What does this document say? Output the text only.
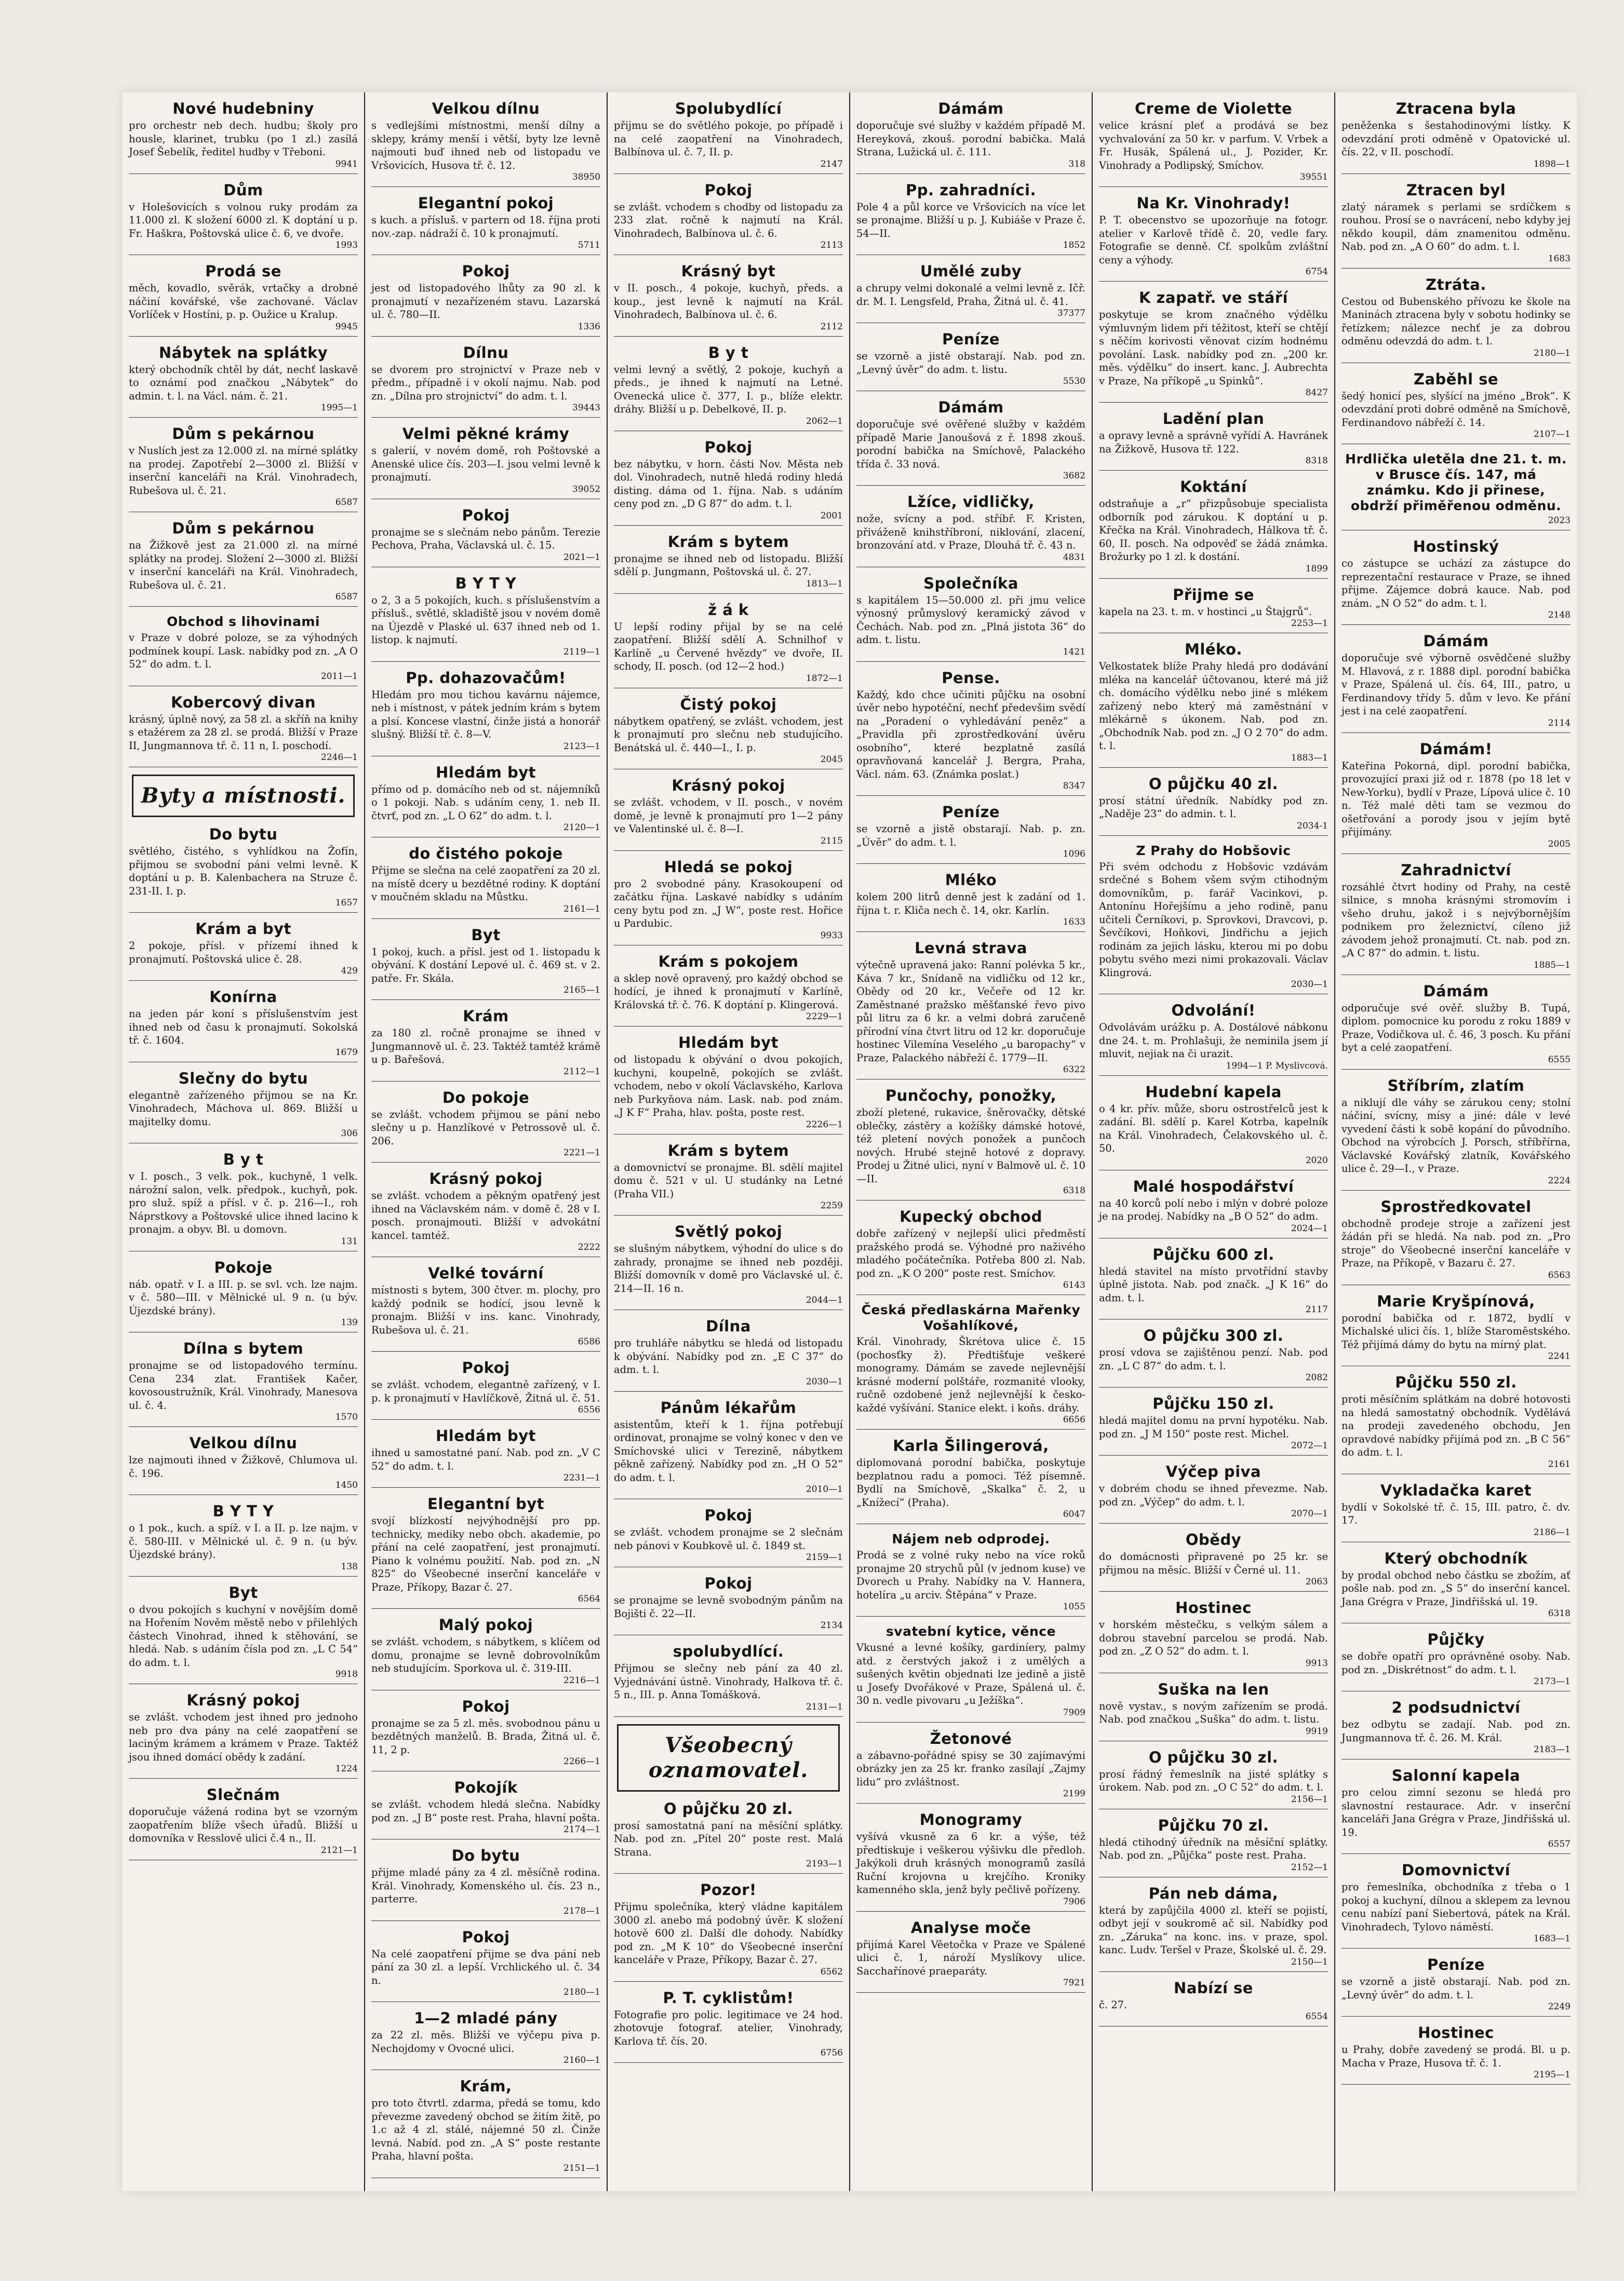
Nové hudebniny

pro orchestr neb dech. hudbu; školy pro housle, klarinet, trubku (po 1 zl.) zasílá Josef Šebelík, ředitel hudby v Třeboni.

9941
Dům

v Holešovicích s volnou ruky prodám za 11.000 zl. K složení 6000 zl. K doptání u p. Fr. Haškra, Poštovská ulice č. 6, ve dvoře.

1993
Prodá se

měch, kovadlo, svěrák, vrtačky a drobné náčiní kovářské, vše zachované. Václav Vorlíček v Hostíni, p. p. Oužice u Kralup.

9945
Nábytek na splátky

který obchodník chtěl by dát, nechť laskavě to oznámí pod značkou „Nábytek“ do admin. t. l. na Václ. nám. č. 21.

1995—1
Dům s pekárnou

v Nuslích jest za 12.000 zl. na mírné splátky na prodej. Zapotřebí 2—3000 zl. Bližší v inserční kanceláři na Král. Vinohradech, Rubešova ul. č. 21.

6587
Dům s pekárnou

na Žižkově jest za 21.000 zl. na mírné splátky na prodej. Složení 2—3000 zl. Bližší v inserční kanceláři na Král. Vinohradech, Rubešova ul. č. 21.

6587
Obchod s lihovinami

v Praze v dobré poloze, se za výhodných podmínek koupí. Lask. nabídky pod zn. „A O 52“ do adm. t. l.

2011—1
Kobercový divan

krásný, úplně nový, za 58 zl. a skříň na knihy s etažérem za 28 zl. se prodá. Bližší v Praze II, Jungmannova tř. č. 11 n, I. poschodí.

2246—1
Byty a místnosti.
Do bytu

světlého, čistého, s vyhlídkou na Žofín, přijmou se svobodní páni velmi levně. K doptání u p. B. Kalenbachera na Struze č. 231-II. I. p.

1657
Krám a byt

2 pokoje, přísl. v přízemí ihned k pronajmutí. Poštovská ulice č. 28.

429
Konírna

na jeden pár koní s příslušenstvím jest ihned neb od času k pronajmutí. Sokolská tř. č. 1604.

1679
Slečny do bytu

elegantně zařízeného přijmou se na Kr. Vinohradech, Máchova ul. 869. Bližší u majitelky domu.

306
B y t

v I. posch., 3 velk. pok., kuchyně, 1 velk. nárožní salon, velk. předpok., kuchyň, pok. pro služ. spíž a přísl. v č. p. 216—I., roh Náprstkovy a Poštovské ulice ihned lacino k pronajm. a obyv. Bl. u domovn.

131
Pokoje

náb. opatř. v I. a III. p. se svl. vch. lze najm. v č. 580—III. v Mělnické ul. 9 n. (u býv. Újezdské brány).

139
Dílna s bytem

pronajme se od listopadového termínu. Cena 234 zlat. František Kačer, kovosoustružník, Král. Vinohrady, Manesova ul. č. 4.

1570
Velkou dílnu

lze najmouti ihned v Žižkově, Chlumova ul. č. 196.

1450
B Y T Y

o 1 pok., kuch. a spíž. v I. a II. p. lze najm. v č. 580-III. v Mělnické ul. č. 9 n. (u býv. Újezdské brány).

138
Byt

o dvou pokojích s kuchyní v novějším domě na Hořením Nověm městě nebo v přilehlých částech Vinohrad, ihned k stěhování, se hledá. Nab. s udáním čísla pod zn. „L C 54“ do adm. t. l.

9918
Krásný pokoj

se zvlášt. vchodem jest ihned pro jednoho neb pro dva pány na celé zaopatření se laciným krámem a krámem v Praze. Taktéž jsou ihned domácí obědy k zadání.

1224
Slečnám

doporučuje vážená rodina byt se vzorným zaopatřením blíže všech úřadů. Bližší u domovníka v Resslově ulici č.4 n., II.

2121—1
Velkou dílnu

s vedlejšími místnostmi, menší dílny a sklepy, krámy menší i větší, byty lze levně najmouti buď ihned neb od listopadu ve Vršovicích, Husova tř. č. 12.

38950
Elegantní pokoj

s kuch. a přísluš. v partern od 18. října proti nov.-zap. nádraží č. 10 k pronajmutí.

5711
Pokoj

jest od listopadového lhůty za 90 zl. k pronajmutí v nezařízeném stavu. Lazarská ul. č. 780—II.

1336
Dílnu

se dvorem pro strojnictví v Praze neb v předm., případně i v okolí najmu. Nab. pod zn. „Dílna pro strojnictví“ do adm. t. l.

39443
Velmi pěkné krámy

s galerií, v novém domě, roh Poštovské a Anenské ulice čís. 203—I. jsou velmi levně k pronajmutí.

39052
Pokoj

pronajme se s slečnám nebo pánům. Terezie Pechova, Praha, Václavská ul. č. 15.

2021—1
B Y T Y

o 2, 3 a 5 pokojích, kuch. s příslušenstvím a přísluš., světlé, skladiště jsou v novém domě na Újezdě v Plaské ul. 637 ihned neb od 1. listop. k najmutí.

2119—1
Pp. dohazovačům!

Hledám pro mou tichou kavárnu nájemce, neb i místnost, v pátek jedním krám s bytem a plsí. Koncese vlastní, činže jistá a honorář slušný. Bližší tř. č. 8—V.

2123—1
Hledám byt

přímo od p. domácího neb od st. nájemníků o 1 pokoji. Nab. s udáním ceny, 1. neb II. čtvrť, pod zn. „L O 62“ do adm. t. l.

2120—1
do čistého pokoje

Přijme se slečna na celé zaopatření za 20 zl. na místě dcery u bezdětné rodiny. K doptání v moučném skladu na Můstku.

2161—1
Byt

1 pokoj, kuch. a přísl. jest od 1. listopadu k obývání. K dostání Lepové ul. č. 469 st. v 2. patře. Fr. Skála.

2165—1
Krám

za 180 zl. ročně pronajme se ihned v Jungmannově ul. č. 23. Taktéž tamtéž krámě u p. Bařešová.

2112—1
Do pokoje

se zvlášt. vchodem přijmou se pání nebo slečny u p. Hanzlíkové v Petrossově ul. č. 206.

2221—1
Krásný pokoj

se zvlášt. vchodem a pěkným opatřený jest ihned na Václavském nám. v domě č. 28 v I. posch. pronajmouti. Bližší v advokátní kancel. tamtéž.

2222
Velké tovární

místnosti s bytem, 300 čtver. m. plochy, pro každý podnik se hodící, jsou levně k pronajm. Bližší v ins. kanc. Vinohrady, Rubešova ul. č. 21.

6586
Pokoj

se zvlášt. vchodem, elegantně zařízený, v I. p. k pronajmutí v Havlíčkově, Žitná ul. č. 51.

6556
Hledám byt

ihned u samostatné paní. Nab. pod zn. „V C 52“ do adm. t. l.

2231—1
Elegantní byt

svojí blízkostí nejvýhodnější pro pp. technicky, mediky nebo obch. akademie, po přání na celé zaopatření, jest pronajmutí. Piano k volnému použití. Nab. pod zn. „N 825“ do Všeobecné inserční kanceláře v Praze, Příkopy, Bazar č. 27.

6564
Malý pokoj

se zvlášt. vchodem, s nábytkem, s klíčem od domu, pronajme se levně dobrovolníkům neb studujícím. Sporkova ul. č. 319-III.

2216—1
Pokoj

pronajme se za 5 zl. měs. svobodnou pánu u bezdětných manželů. B. Brada, Žitná ul. č. 11, 2 p.

2266—1
Pokojík

se zvlášt. vchodem hledá slečna. Nabídky pod zn. „J B“ poste rest. Praha, hlavní pošta.

2174—1
Do bytu

přijme mladé pány za 4 zl. měsíčně rodina. Král. Vinohrady, Komenského ul. čís. 23 n., parterre.

2178—1
Pokoj

Na celé zaopatření přijme se dva pání neb pání za 30 zl. a lepší. Vrchlického ul. č. 34 n.

2180—1
1—2 mladé pány

za 22 zl. měs. Bližší ve výčepu piva p. Nechojdomy v Ovocné ulici.

2160—1
Krám,

pro toto čtvrtl. zdarma, předá se tomu, kdo převezme zavedený obchod se žitím žitě, po 1.c až 4 zl. stálé, nájemné 50 zl. Činže levná. Nabíd. pod zn. „A S“ poste restante Praha, hlavní pošta.

2151—1
Spolubydlící

přijmu se do světlého pokoje, po případě i na celé zaopatření na Vinohradech, Balbínova ul. č. 7, II. p.

2147
Pokoj

se zvlášt. vchodem s chodby od listopadu za 233 zlat. ročně k najmutí na Král. Vinohradech, Balbínova ul. č. 6.

2113
Krásný byt

v II. posch., 4 pokoje, kuchyň, předs. a koup., jest levně k najmutí na Král. Vinohradech, Balbínova ul. č. 6.

2112
B y t

velmi levný a světlý, 2 pokoje, kuchyň a předs., je ihned k najmutí na Letné. Ovenecká ulice č. 377, I. p., blíže elektr. dráhy. Bližší u p. Debelkové, II. p.

2062—1
Pokoj

bez nábytku, v horn. části Nov. Města neb dol. Vinohradech, nutně hledá rodiny hledá disting. dáma od 1. října. Nab. s udáním ceny pod zn. „D G 87“ do adm. t. l.

2001
Krám s bytem

pronajme se ihned neb od listopadu. Bližší sdělí p. Jungmann, Poštovská ul. č. 27.

1813—1
ž á k

U lepší rodiny přijal by se na celé zaopatření. Bližší sdělí A. Schnilhof v Karlíně „u Červené hvězdy“ ve dvoře, II. schody, II. posch. (od 12—2 hod.)

1872—1
Čistý pokoj

nábytkem opatřený, se zvlášt. vchodem, jest k pronajmutí pro slečnu neb studujícího. Benátská ul. č. 440—I., I. p.

2045
Krásný pokoj

se zvlášt. vchodem, v II. posch., v novém domě, je levně k pronajmutí pro 1—2 pány ve Valentinské ul. č. 8—I.

2115
Hledá se pokoj

pro 2 svobodné pány. Krasokoupení od začátku října. Laskavé nabídky s udáním ceny bytu pod zn. „J W“, poste rest. Hořice u Pardubic.

9933
Krám s pokojem

a sklep nově opravený, pro každý obchod se hodící, je ihned k pronajmutí v Karlíně, Královská tř. č. 76. K doptání p. Klingerová.

2229—1
Hledám byt

od listopadu k obývání o dvou pokojích, kuchyni, koupelně, pokojích se zvlášt. vchodem, nebo v okolí Václavského, Karlova neb Purkyňova nám. Lask. nab. pod znám. „J K F“ Praha, hlav. pošta, poste rest.

2226—1
Krám s bytem

a domovnictví se pronajme. Bl. sdělí majitel domu č. 521 v ul. U studánky na Letné (Praha VII.)

2259
Světlý pokoj

se slušným nábytkem, výhodní do ulice s do zahrady, pronajme se ihned neb později. Bližší domovník v domě pro Václavské ul. č. 214—II. 16 n.

2044—1
Dílna

pro truhláře nábytku se hledá od listopadu k obývání. Nabídky pod zn. „E C 37“ do adm. t. l.

2030—1
Pánům lékařům

asistentům, kteří k 1. října potřebují ordinovat, pronajme se volný konec v den ve Smíchovské ulici v Terezině, nábytkem pěkně zařízený. Nabídky pod zn. „H O 52“ do adm. t. l.

2010—1
Pokoj

se zvlášt. vchodem pronajme se 2 slečnám neb pánovi v Koubkově ul. č. 1849 st.

2159—1
Pokoj

se pronajme se levně svobodným pánům na Bojišti č. 22—II.

2134
spolubydlící.

Přijmou se slečny neb pání za 40 zl. Vyjednávání ústně. Vinohrady, Halkova tř. č. 5 n., III. p. Anna Tomášková.

2131—1
Všeobecný oznamovatel.
O půjčku 20 zl.

prosí samostatná paní na měsíční splátky. Nab. pod zn. „Pítel 20“ poste rest. Malá Strana.

2193—1
Pozor!

Přijmu společníka, který vládne kapitálem 3000 zl. anebo má podobný úvěr. K složení hotově 600 zl. Další dle dohody. Nabídky pod zn. „M K 10“ do Všeobecné inserční kanceláře v Praze, Příkopy, Bazar č. 27.

6562
P. T. cyklistům!

Fotografie pro polic. legitimace ve 24 hod. zhotovuje fotograf. atelier, Vinohrady, Karlova tř. čís. 20.

6756
Dámám

doporučuje své služby v každém případě M. Hereyková, zkouš. porodní babička. Malá Strana, Lužická ul. č. 111.

318
Pp. zahradníci.

Pole 4 a půl korce ve Vršovicích na více let se pronajme. Bližší u p. J. Kubiáše v Praze č. 54—II.

1852
Umělé zuby

a chrupy velmi dokonalé a velmi levně z. Ičř. dr. M. I. Lengsfeld, Praha, Žitná ul. č. 41.

37377
Peníze

se vzorně a jistě obstarají. Nab. pod zn. „Levný úvěr“ do adm. t. listu.

5530
Dámám

doporučuje své ověřené služby v každém případě Marie Janoušová z ř. 1898 zkouš. porodní babička na Smíchově, Palackého třída č. 33 nová.

3682
Lžíce, vidličky,

nože, svícny a pod. stříbř. F. Kristen, přiváženě knihstříbroní, niklování, zlacení, bronzování atd. v Praze, Dlouhá tř. č. 43 n.

4831
Společníka

s kapitálem 15—50.000 zl. při jmu velice výnosný průmyslový keramický závod v Čechách. Nab. pod zn. „Plná jistota 36“ do adm. t. listu.

1421
Pense.

Každý, kdo chce učiniti půjčku na osobní úvěr nebo hypotéční, nechť předevšim svědí na „Poradení o vyhledávání peněz“ a „Pravidla při zprostředkování úvěru osobního“, které bezplatně zasílá opravňovaná kancelář J. Bergra, Praha, Václ. nám. 63. (Známka poslat.)

8347
Peníze

se vzorně a jistě obstarají. Nab. p. zn. „Úvěr“ do adm. t. l.

1096
Mléko

kolem 200 litrů denně jest k zadání od 1. října t. r. Kliča nech č. 14, okr. Karlín.

1633
Levná strava

výtečně upravená jako: Ranní polévka 5 kr., Káva 7 kr., Snídaně na vidličku od 12 kr., Obědy od 20 kr., Večeře od 12 kr. Zaměstnané pražsko měšťanské řevo pivo půl litru za 6 kr. a velmi dobrá zaručeně přírodní vína čtvrt litru od 12 kr. doporučuje hostinec Vilemína Veselého „u baropachy“ v Praze, Palackého nábřeží č. 1779—II.

6322
Punčochy, ponožky,

zboží pletené, rukavice, šněrovačky, dětské oblečky, zástěry a kožíšky dámské hotové, též pletení nových ponožek a punčoch nových. Hrubé stejně hotové z dopravy. Prodej u Žitné ulici, nyní v Balmově ul. č. 10—II.

6318
Kupecký obchod

dobře zařízený v nejlepší ulici předměstí pražského prodá se. Výhodné pro naživého mladého počátečníka. Potřeba 800 zl. Nab. pod zn. „K O 200“ poste rest. Smíchov.

6143
Česká předlaskárna Mařenky Vošahlíkové,

Král. Vinohrady, Škrétova ulice č. 15 (pochosťky ž). Předtišťuje veškeré monogramy. Dámám se zavede nejlevnější krásné moderní polštáře, rozmanité vlooky, ručně ozdobené jenž nejlevnější k česko-každé vyšívání. Stanice elekt. i koňs. dráhy.

6656
Karla Šilingerová,

diplomovaná porodní babička, poskytuje bezplatnou radu a pomoci. Též písemně. Bydlí na Smíchově, „Skalka“ č. 2, u „Knížecí“ (Praha).

6047
Nájem neb odprodej.

Prodá se z volné ruky nebo na více roků pronajme 20 strychů půl (v jednom kuse) ve Dvorech u Prahy. Nabídky na V. Hannera, hotelíra „u arciv. Štěpána“ v Praze.

1055
svatební kytice, věnce

Vkusné a levné košíky, gardiníery, palmy atd. z čerstvých jakož i z umělých a sušených květin objednati lze jedině a jistě u Josefy Dvořákové v Praze, Spálená ul. č. 30 n. vedle pivovaru „u Ježíška“.

7909
Žetonové

a zábavno-pořádné spisy se 30 zajímavými obrázky jen za 25 kr. franko zasílají „Zajmy lidu“ pro zvláštnost.

2199
Monogramy

vyšívá vkusně za 6 kr. a výše, též předtiskuje i veškerou výšivku dle předloh. Jakýkoli druh krásných monogramů zasílá Ruční krojovna u krejčího. Kroniky kamenného skla, jenž byly pečlivě pořízeny.

7906
Analyse moče

přijímá Karel Věetočka v Praze ve Spálené ulici č. 1, nároží Myslíkovy ulice. Sacchařínové praeparáty.

7921
Creme de Violette

velice krásní pleť a prodává se bez vychvalování za 50 kr. v parfum. V. Vrbek a Fr. Husák, Spálená ul., J. Pozider, Kr. Vinohrady a Podlipský, Smíchov.

39551
Na Kr. Vinohrady!

P. T. obecenstvo se upozorňuje na fotogr. atelier v Karlově třídě č. 20, vedle fary. Fotografie se denně. Cf. spolkům zvláštní ceny a výhody.

6754
K zapatř. ve stáří

poskytuje se krom značného výdělku výmluvným lidem při těžitost, kteří se chtějí s něčím korivosti věnovat cizím hodnému povolání. Lask. nabídky pod zn. „200 kr. měs. výdělku“ do insert. kanc. J. Aubrechta v Praze, Na příkopě „u Spinků“.

8427
Ladění plan

a opravy levně a správně vyřídí A. Havránek na Žižkově, Husova tř. 122.

8318
Koktání

odstraňuje a „r“ přizpůsobuje specialista odborník pod zárukou. K doptání u p. Křečka na Král. Vinohradech, Hálkova tř. č. 60, II. posch. Na odpověď se žádá známka. Brožurky po 1 zl. k dostání.

1899
Přijme se

kapela na 23. t. m. v hostinci „u Štajgrů“.

2253—1
Mléko.

Velkostatek blíže Prahy hledá pro dodávání mléka na kancelář účtovanou, které má již ch. domácího výdělku nebo jiné s mlékem zařízený nebo který má zaměstnání v mlékárně s úkonem. Nab. pod zn. „Obchodník Nab. pod zn. „J O 2 70“ do adm. t. l.

1883—1
O půjčku 40 zl.

prosí státní úředník. Nabídky pod zn. „Naděje 23“ do admin. t. l.

2034-1
Z Prahy do Hobšovic

Při svém odchodu z Hobšovic vzdávám srdečné s Bohem všem svým ctihodným domovníkům, p. farář Vacinkovi, p. Antonínu Hořejšímu a jeho rodině, panu učiteli Černíkovi, p. Sprovkovi, Dravcovi, p. Ševčíkovi, Hoňkovi, Jindřichu a jejich rodinám za jejich lásku, kterou mi po dobu pobytu svého mezi nimi prokazovali. Václav Klingrová.

2030—1
Odvolání!

Odvolávám urážku p. A. Dostálové nábkonu dne 24. t. m. Prohlašuji, že neminila jsem jí mluvit, nejiak na či urazit.

1994—1 P. Myslivcová.
Hudební kapela

o 4 kr. přív. může, sboru ostrostřelců jest k zadání. Bl. sdělí p. Karel Kotrba, kapelník na Král. Vinohradech, Čelakovského ul. č. 50.

2020
Malé hospodářství

na 40 korců polí nebo i mlýn v dobré poloze je na prodej. Nabídky na „B O 52“ do adm.

2024—1
Půjčku 600 zl.

hledá stavitel na místo prvotřídní stavby úplně jistota. Nab. pod značk. „J K 16“ do adm. t. l.

2117
O půjčku 300 zl.

prosí vdova se zajištěnou penzí. Nab. pod zn. „L C 87“ do adm. t. l.

2082
Půjčku 150 zl.

hledá majitel domu na první hypotéku. Nab. pod zn. „J M 150“ poste rest. Michel.

2072—1
Výčep piva

v dobrém chodu se ihned převezme. Nab. pod zn. „Výčep“ do adm. t. l.

2070—1
Obědy

do domácnosti připravené po 25 kr. se přijmou na měsíc. Bližší v Černé ul. 11.

2063
Hostinec

v horském městečku, s velkým sálem a dobrou stavební parcelou se prodá. Nab. pod zn. „Z O 52“ do adm. t. l.

9913
Suška na len

nově vystav., s novým zařízením se prodá. Nab. pod značkou „Suška“ do adm. t. listu.

9919
O půjčku 30 zl.

prosí řádný řemeslník na jisté splátky s úrokem. Nab. pod zn. „O C 52“ do adm. t. l.

2156—1
Půjčku 70 zl.

hledá ctihodný úředník na měsíční splátky. Nab. pod zn. „Půjčka“ poste rest. Praha.

2152—1
Pán neb dáma,

která by zapůjčila 4000 zl. kteří se pojistí, odbyt její v soukromě ač sil. Nabídky pod zn. „Záruka“ na konc. ins. v praze, spol. kanc. Ludv. Teršel v Praze, Školské ul. č. 29.

2150—1
Nabízí se

č. 27.

6554
Ztracena byla

peněženka s šestahodinovými lístky. K odevzdání proti odměně v Opatovické ul. čís. 22, v II. poschodí.

1898—1
Ztracen byl

zlatý náramek s perlami se srdíčkem s rouhou. Prosí se o navrácení, nebo kdyby jej někdo koupil, dám znamenitou odměnu. Nab. pod zn. „A O 60“ do adm. t. l.

1683
Ztráta.

Cestou od Bubenského přívozu ke škole na Maninách ztracena byly v sobotu hodinky se řetízkem; nálezce nechť je za dobrou odměnu odevzdá do adm. t. l.

2180—1
Zaběhl se

šedý honicí pes, slyšící na jméno „Brok“. K odevzdání proti dobré odměně na Smíchově, Ferdinandovo nábřeží č. 14.

2107—1
Hrdlička uletěla dne 21. t. m. v Brusce čís. 147, má známku. Kdo ji přinese, obdrží přiměřenou odměnu.
2023
Hostinský

co zástupce se uchází za zástupce do reprezentační restaurace v Praze, se ihned přijme. Zájemce dobrá kauce. Nab. pod znám. „N O 52“ do adm. t. l.

2148
Dámám

doporučuje své výborně osvědčené služby M. Hlavová, z r. 1888 dipl. porodní babička v Praze, Spálená ul. čís. 64, III., patro, u Ferdinandovy třídy 5. dům v levo. Ke přání jest i na celé zaopatření.

2114
Dámám!

Kateřina Pokorná, dipl. porodní babička, provozující praxi již od r. 1878 (po 18 let v New-Yorku), bydlí v Praze, Lípová ulice č. 10 n. Též malé děti tam se vezmou do ošetřování a porody jsou v jejím bytě přijímány.

2005
Zahradnictví

rozsáhlé čtvrt hodiny od Prahy, na cestě silnice, s mnoha krásnými stromovím i všeho druhu, jakož i s nejvýbornějším podnikem pro železnictví, cíleno již závodem jehož pronajmutí. Ct. nab. pod zn. „A C 87“ do admin. t. listu.

1885—1
Dámám

odporučuje své ověř. služby B. Tupá, diplom. pomocnice ku porodu z roku 1889 v Praze, Vodičkova ul. č. 46, 3 posch. Ku přání byt a celé zaopatření.

6555
Stříbrím, zlatím

a niklují dle váhy se zárukou ceny; stolní náčiní, svícny, mísy a jiné: dále v levé vyvedení části k sobě kopání do původního. Obchod na výrobcích J. Porsch, stříbřírna, Václavské Kovářský zlatník, Kovářského ulice č. 29—I., v Praze.

2224
Sprostředkovatel

obchodně prodeje stroje a zařízení jest žádán při se hledá. Na nab. pod zn. „Pro stroje“ do Všeobecné inserční kanceláře v Praze, na Příkopě, v Bazaru č. 27.

6563
Marie Kryšpínová,

porodní babička od r. 1872, bydlí v Michalské ulici čís. 1, blíže Staroměstského. Též přijímá dámy do bytu na mírný plat.

2241
Půjčku 550 zl.

proti měsíčním splátkám na dobré hotovosti na hledá samostatný obchodník. Vydělává na prodeji zavedeného obchodu, Jen opravdové nabídky přijímá pod zn. „B C 56“ do adm. t. l.

2161
Vykladačka karet

bydlí v Sokolské tř. č. 15, III. patro, č. dv. 17.

2186—1
Který obchodník

by prodal obchod nebo částku se zbožím, ať pošle nab. pod zn. „S 5“ do inserční kancel. Jana Grégra v Praze, Jindřišská ul. 19.

6318
Půjčky

se dobře opatří pro oprávněné osoby. Nab. pod zn. „Diskrétnost“ do adm. t. l.

2173—1
2 podsudnictví

bez odbytu se zadají. Nab. pod zn. Jungmannova tř. č. 26. M. Král.

2183—1
Salonní kapela

pro celou zimní sezonu se hledá pro slavnostní restaurace. Adr. v inserční kanceláři Jana Grégra v Praze, Jindřišská ul. 19.

6557
Domovnictví

pro řemeslníka, obchodníka z třeba o 1 pokoj a kuchyní, dílnou a sklepem za levnou cenu nabízí paní Siebertová, pátek na Král. Vinohradech, Tylovo náměstí.

1683—1
Peníze

se vzorně a jistě obstarají. Nab. pod zn. „Levný úvěr“ do adm. t. l.

2249
Hostinec

u Prahy, dobře zavedený se prodá. Bl. u p. Macha v Praze, Husova tř. č. 1.

2195—1
